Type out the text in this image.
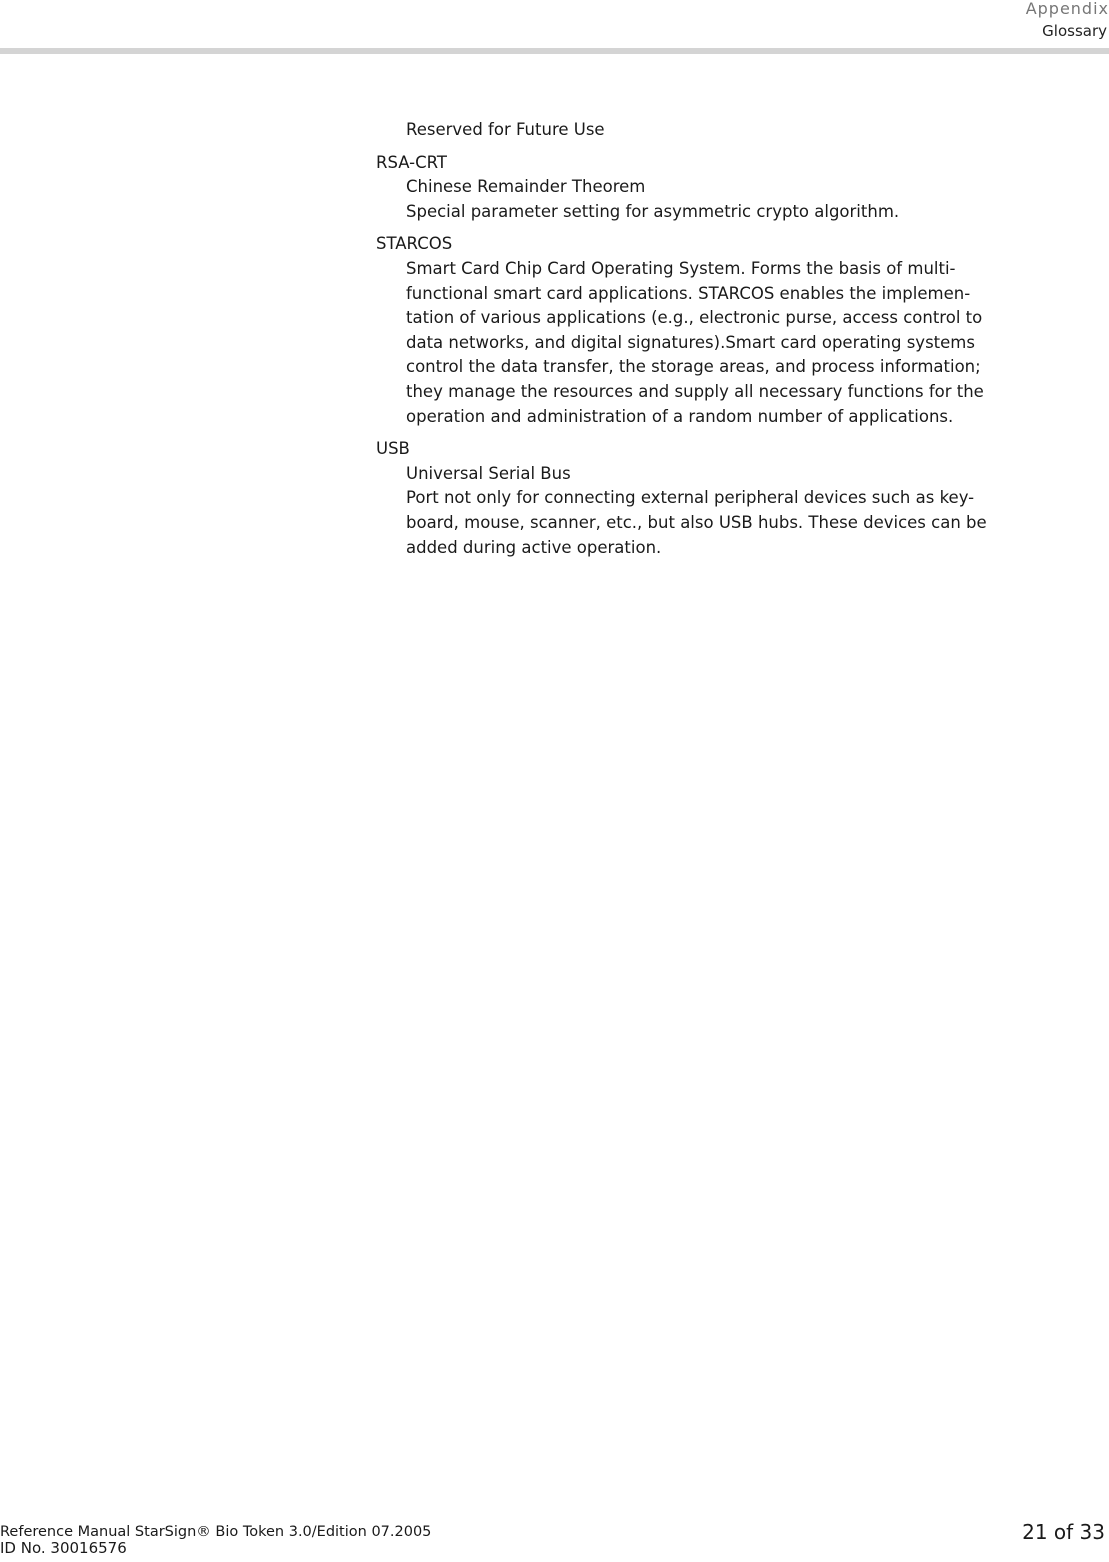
Appendix
Glossary
Reserved for Future Use
RSA-CRT
Chinese Remainder Theorem
Special parameter setting for asymmetric crypto algorithm.
STARCOS
Smart Card Chip Card Operating System. Forms the basis of multi-
functional smart card applications. STARCOS enables the implemen-
tation of various applications (e.g., electronic purse, access control to
data networks, and digital signatures).Smart card operating systems
control the data transfer, the storage areas, and process information;
they manage the resources and supply all necessary functions for the
operation and administration of a random number of applications.
USB
Universal Serial Bus
Port not only for connecting external peripheral devices such as key-
board, mouse, scanner, etc., but also USB hubs. These devices can be
added during active operation.
Reference Manual StarSign® Bio Token 3.0/Edition 07.2005
ID No. 30016576
21 of 33
